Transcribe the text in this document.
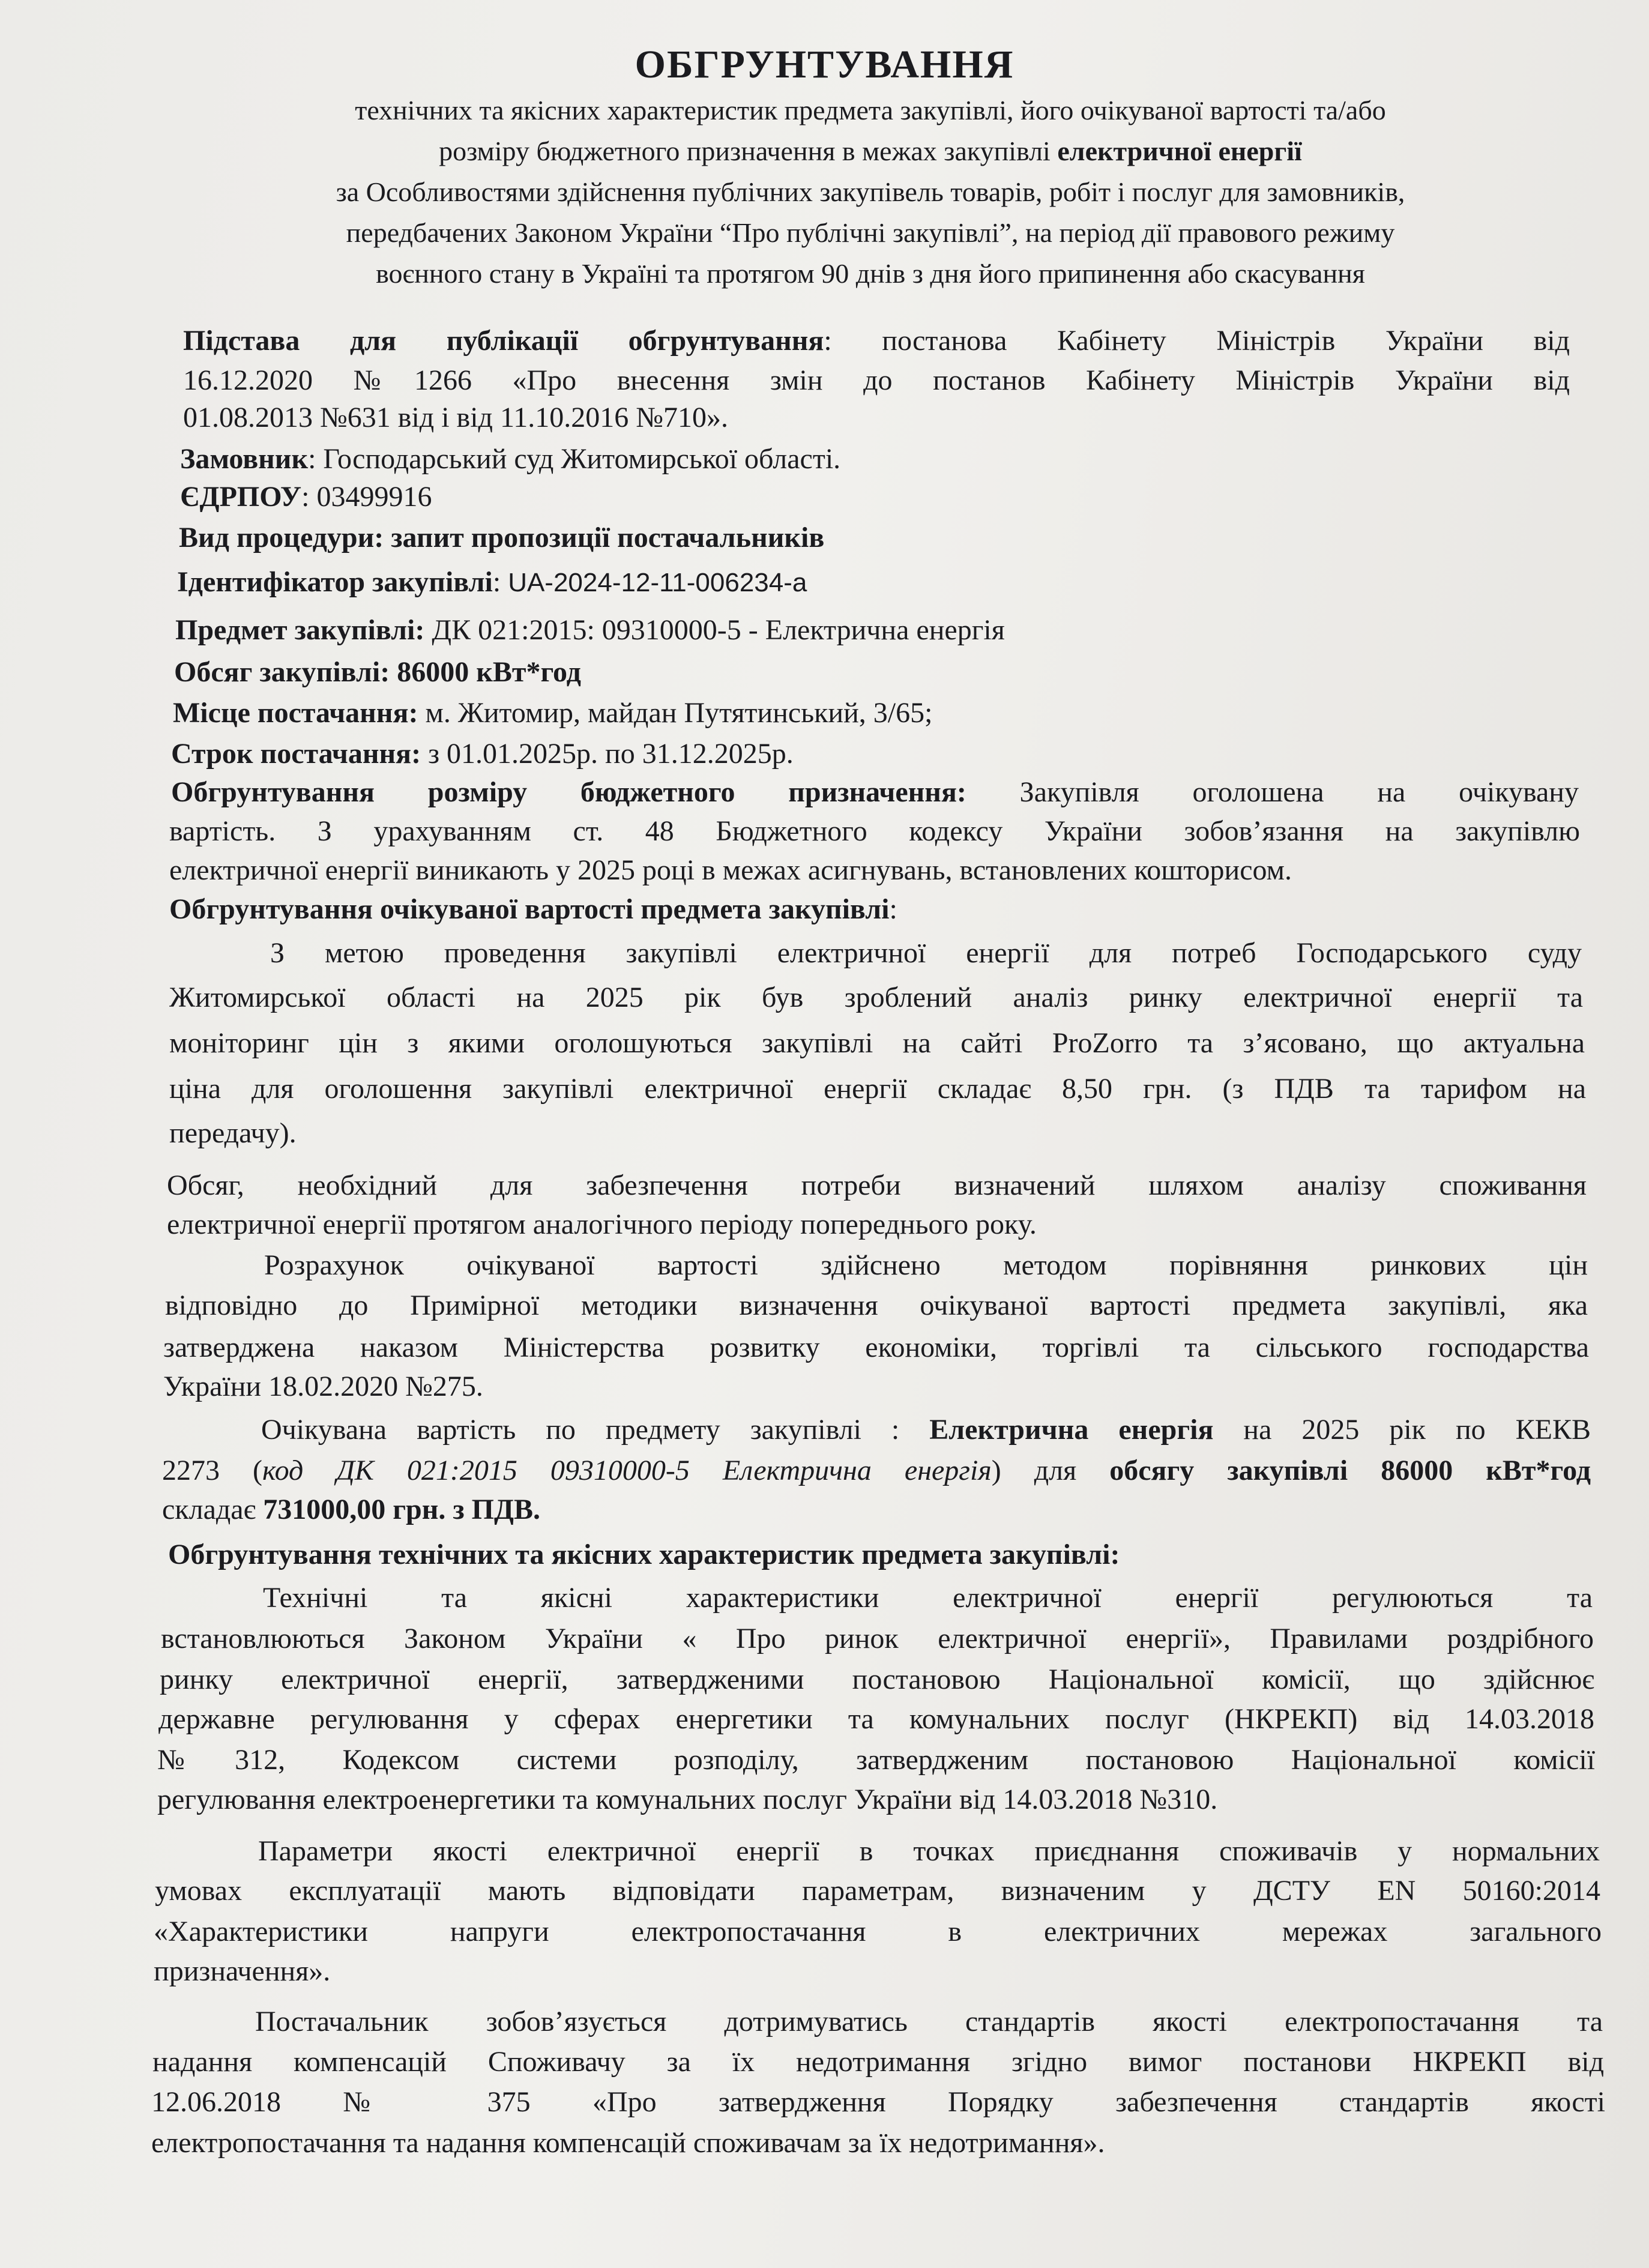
ОБГРУНТУВАННЯ
технічних та якісних характеристик предмета закупівлі, його очікуваної вартості та/або
розміру бюджетного призначення в межах закупівлі електричної енергії
за Особливостями здійснення публічних закупівель товарів, робіт і послуг для замовників,
передбачених Законом України “Про публічні закупівлі”, на період дії правового режиму
воєнного стану в Україні та протягом 90 днів з дня його припинення або скасування
Підстава для публікації обгрунтування: постанова Кабінету Міністрів України від
16.12.2020 №1266 «Про внесення змін до постанов Кабінету Міністрів України від
01.08.2013 №631 від і від 11.10.2016 №710».
Замовник: Господарський суд Житомирської області.
ЄДРПОУ: 03499916
Вид процедури: запит пропозиції постачальників
Ідентифікатор закупівлі: UA-2024-12-11-006234-a
Предмет закупівлі: ДК 021:2015: 09310000-5 - Електрична енергія
Обсяг закупівлі: 86000 кВт*год
Місце постачання: м. Житомир, майдан Путятинський, 3/65;
Строк постачання: з 01.01.2025р. по 31.12.2025р.
Обгрунтування розміру бюджетного призначення: Закупівля оголошена на очікувану
вартість. З урахуванням ст. 48 Бюджетного кодексу України зобов’язання на закупівлю
електричної енергії виникають у 2025 році в межах асигнувань, встановлених кошторисом.
Обгрунтування очікуваної вартості предмета закупівлі:
З метою проведення закупівлі електричної енергії для потреб Господарського суду
Житомирської області на 2025 рік був зроблений аналіз ринку електричної енергії та
моніторинг цін з якими оголошуються закупівлі на сайті ProZorro та з’ясовано, що актуальна
ціна для оголошення закупівлі електричної енергії складає 8,50 грн. (з ПДВ та тарифом на
передачу).
Обсяг, необхідний для забезпечення потреби визначений шляхом аналізу споживання
електричної енергії протягом аналогічного періоду попереднього року.
Розрахунок очікуваної вартості здійснено методом порівняння ринкових цін
відповідно до Примірної методики визначення очікуваної вартості предмета закупівлі, яка
затверджена наказом Міністерства розвитку економіки, торгівлі та сільського господарства
України 18.02.2020 №275.
Очікувана вартість по предмету закупівлі : Електрична енергія на 2025 рік по КЕКВ
2273 (код ДК 021:2015 09310000-5 Електрична енергія) для обсягу закупівлі 86000 кВт*год
складає 731000,00 грн. з ПДВ.
Обгрунтування технічних та якісних характеристик предмета закупівлі:
Технічні та якісні характеристики електричної енергії регулюються та
встановлюються Законом України « Про ринок електричної енергії», Правилами роздрібного
ринку електричної енергії, затвердженими постановою Національної комісії, що здійснює
державне регулювання у сферах енергетики та комунальних послуг (НКРЕКП) від 14.03.2018
№312, Кодексом системи розподілу, затвердженим постановою Національної комісії
регулювання електроенергетики та комунальних послуг України від 14.03.2018 №310.
Параметри якості електричної енергії в точках приєднання споживачів у нормальних
умовах експлуатації мають відповідати параметрам, визначеним у ДСТУ EN 50160:2014
«Характеристики напруги електропостачання в електричних мережах загального
призначення».
Постачальник зобов’язується дотримуватись стандартів якості електропостачання та
надання компенсацій Споживачу за їх недотримання згідно вимог постанови НКРЕКП від
12.06.2018 № 375 «Про затвердження Порядку забезпечення стандартів якості
електропостачання та надання компенсацій споживачам за їх недотримання».
